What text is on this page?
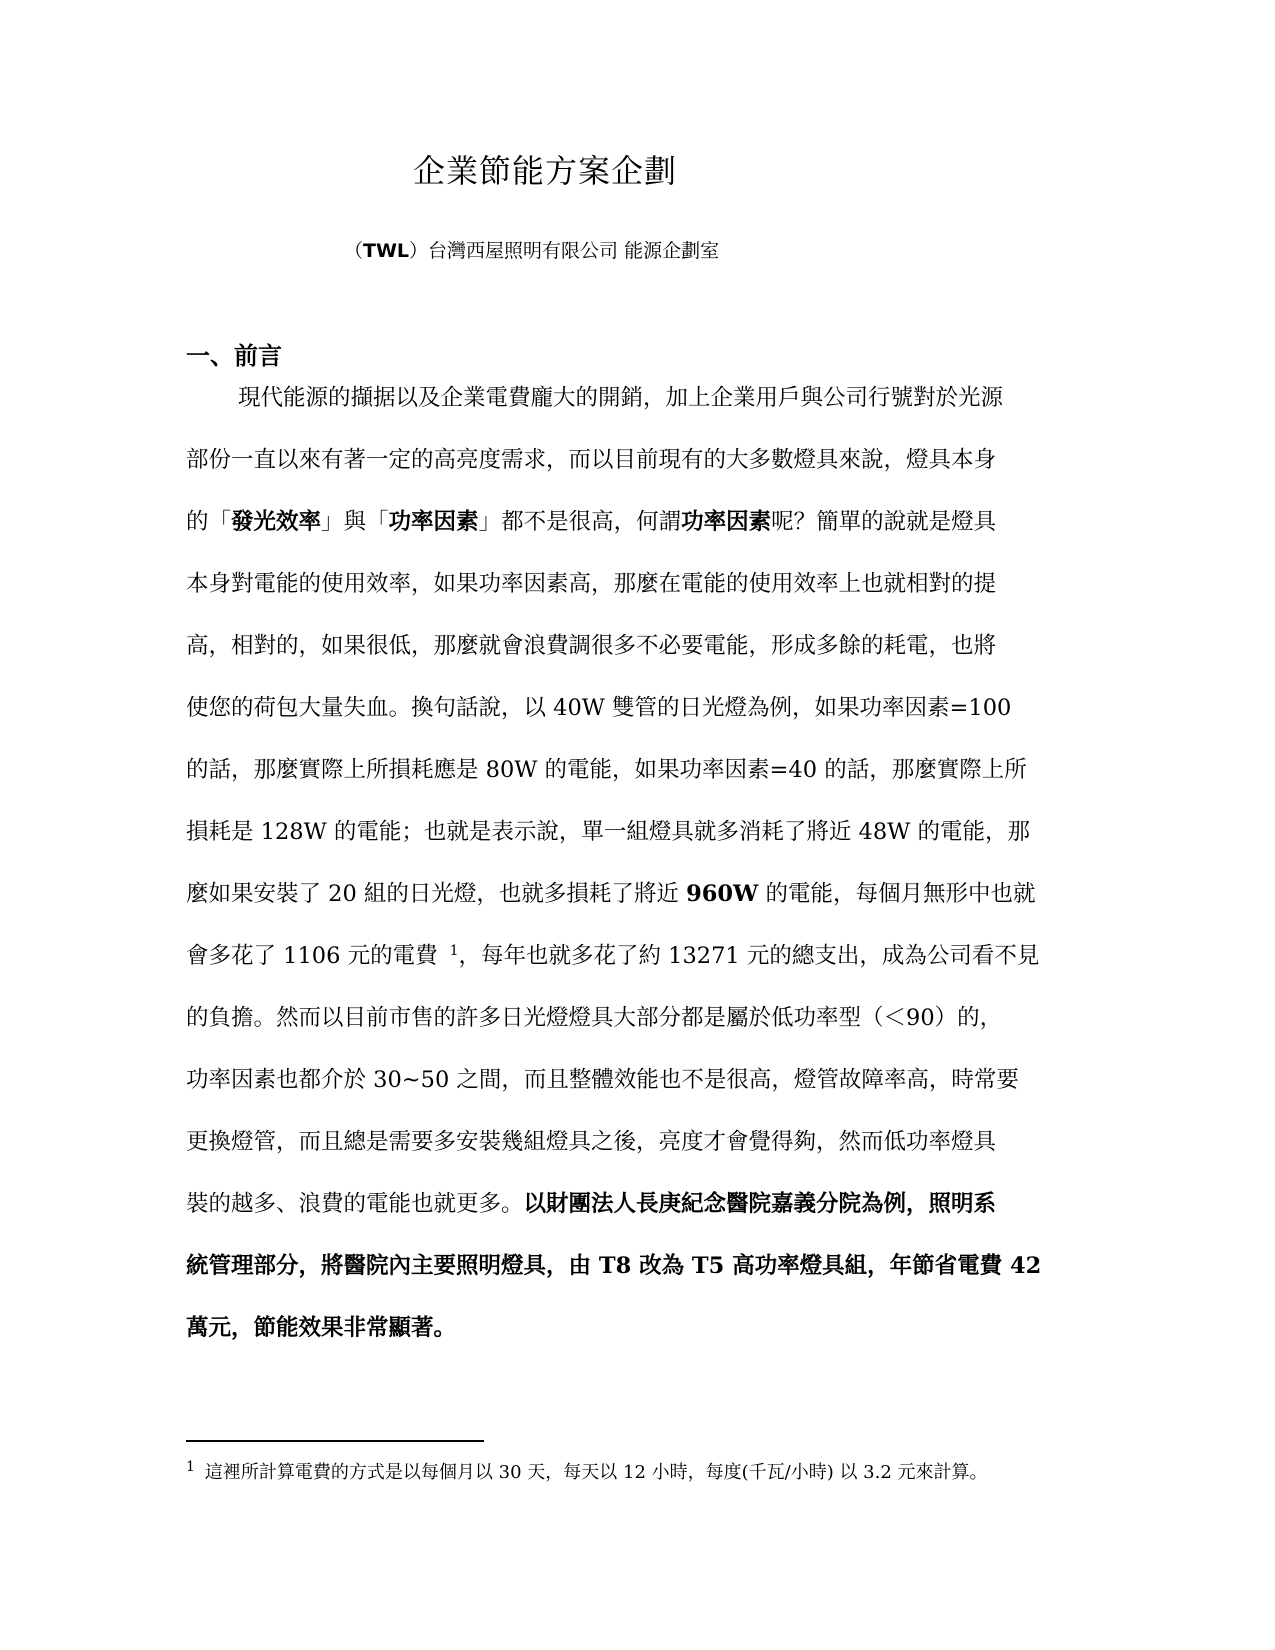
企業節能方案企劃
（TWL）台灣西屋照明有限公司 能源企劃室
一、前言
現代能源的擷据以及企業電費龐大的開銷，加上企業用戶與公司行號對於光源
部份一直以來有著一定的高亮度需求，而以目前現有的大多數燈具來說，燈具本身
的「發光效率」與「功率因素」都不是很高，何謂功率因素呢？簡單的說就是燈具
本身對電能的使用效率，如果功率因素高，那麼在電能的使用效率上也就相對的提
高，相對的，如果很低，那麼就會浪費調很多不必要電能，形成多餘的耗電，也將
使您的荷包大量失血。換句話說，以 40W 雙管的日光燈為例，如果功率因素=100
的話，那麼實際上所損耗應是 80W 的電能，如果功率因素=40 的話，那麼實際上所
損耗是 128W 的電能；也就是表示說，單一組燈具就多消耗了將近 48W 的電能，那
麼如果安裝了 20 組的日光燈，也就多損耗了將近 960W 的電能，每個月無形中也就
會多花了 1106 元的電費 $^1$，每年也就多花了約 13271 元的總支出，成為公司看不見
的負擔。然而以目前市售的許多日光燈燈具大部分都是屬於低功率型（＜90）的，
功率因素也都介於 30~50 之間，而且整體效能也不是很高，燈管故障率高，時常要
更換燈管，而且總是需要多安裝幾組燈具之後，亮度才會覺得夠，然而低功率燈具
裝的越多、浪費的電能也就更多。以財團法人長庚紀念醫院嘉義分院為例，照明系
統管理部分，將醫院內主要照明燈具，由 T8 改為 T5 高功率燈具組，年節省電費 42
萬元，節能效果非常顯著。
$^1$ 這裡所計算電費的方式是以每個月以 30 天，每天以 12 小時，每度(千瓦/小時) 以 3.2 元來計算。
